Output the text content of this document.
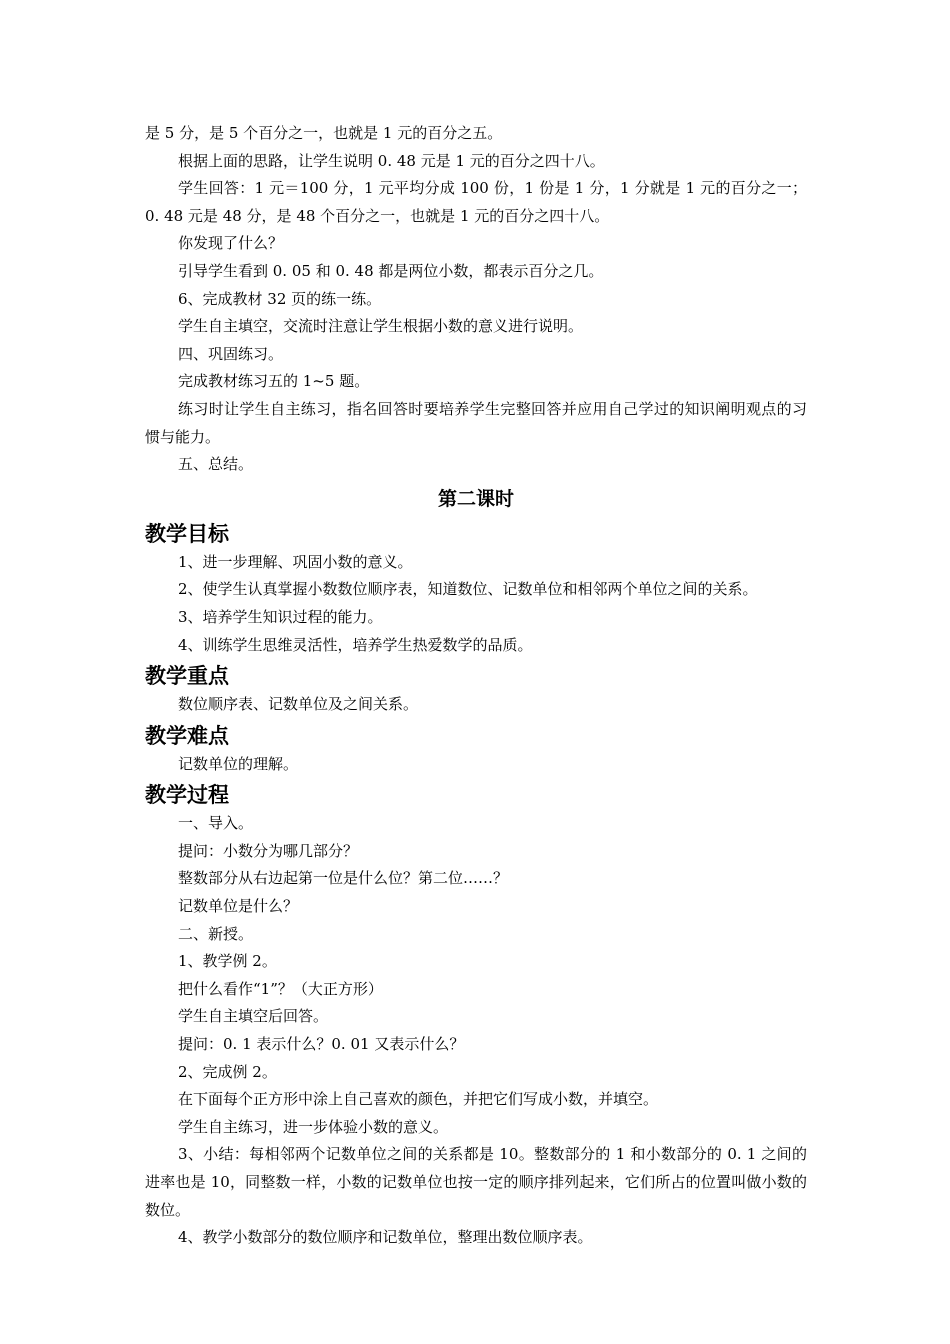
是 5 分，是 5 个百分之一，也就是 1 元的百分之五。

根据上面的思路，让学生说明 0. 48 元是 1 元的百分之四十八。

学生回答：1 元＝100 分，1 元平均分成 100 份，1 份是 1 分，1 分就是 1 元的百分之一；0. 48 元是 48 分，是 48 个百分之一，也就是 1 元的百分之四十八。

你发现了什么？

引导学生看到 0. 05 和 0. 48 都是两位小数，都表示百分之几。

6、完成教材 32 页的练一练。

学生自主填空，交流时注意让学生根据小数的意义进行说明。

四、巩固练习。

完成教材练习五的 1~5 题。

练习时让学生自主练习，指名回答时要培养学生完整回答并应用自己学过的知识阐明观点的习惯与能力。

五、总结。

第二课时
教学目标

1、进一步理解、巩固小数的意义。

2、使学生认真掌握小数数位顺序表，知道数位、记数单位和相邻两个单位之间的关系。

3、培养学生知识过程的能力。

4、训练学生思维灵活性，培养学生热爱数学的品质。

教学重点

数位顺序表、记数单位及之间关系。

教学难点

记数单位的理解。

教学过程

一、导入。

提问：小数分为哪几部分？

整数部分从右边起第一位是什么位？第二位……？

记数单位是什么？

二、新授。

1、教学例 2。

把什么看作“1”？（大正方形）

学生自主填空后回答。

提问：0. 1 表示什么？0. 01 又表示什么？

2、完成例 2。

在下面每个正方形中涂上自己喜欢的颜色，并把它们写成小数，并填空。

学生自主练习，进一步体验小数的意义。

3、小结：每相邻两个记数单位之间的关系都是 10。整数部分的 1 和小数部分的 0. 1 之间的进率也是 10，同整数一样，小数的记数单位也按一定的顺序排列起来，它们所占的位置叫做小数的数位。

4、教学小数部分的数位顺序和记数单位，整理出数位顺序表。
